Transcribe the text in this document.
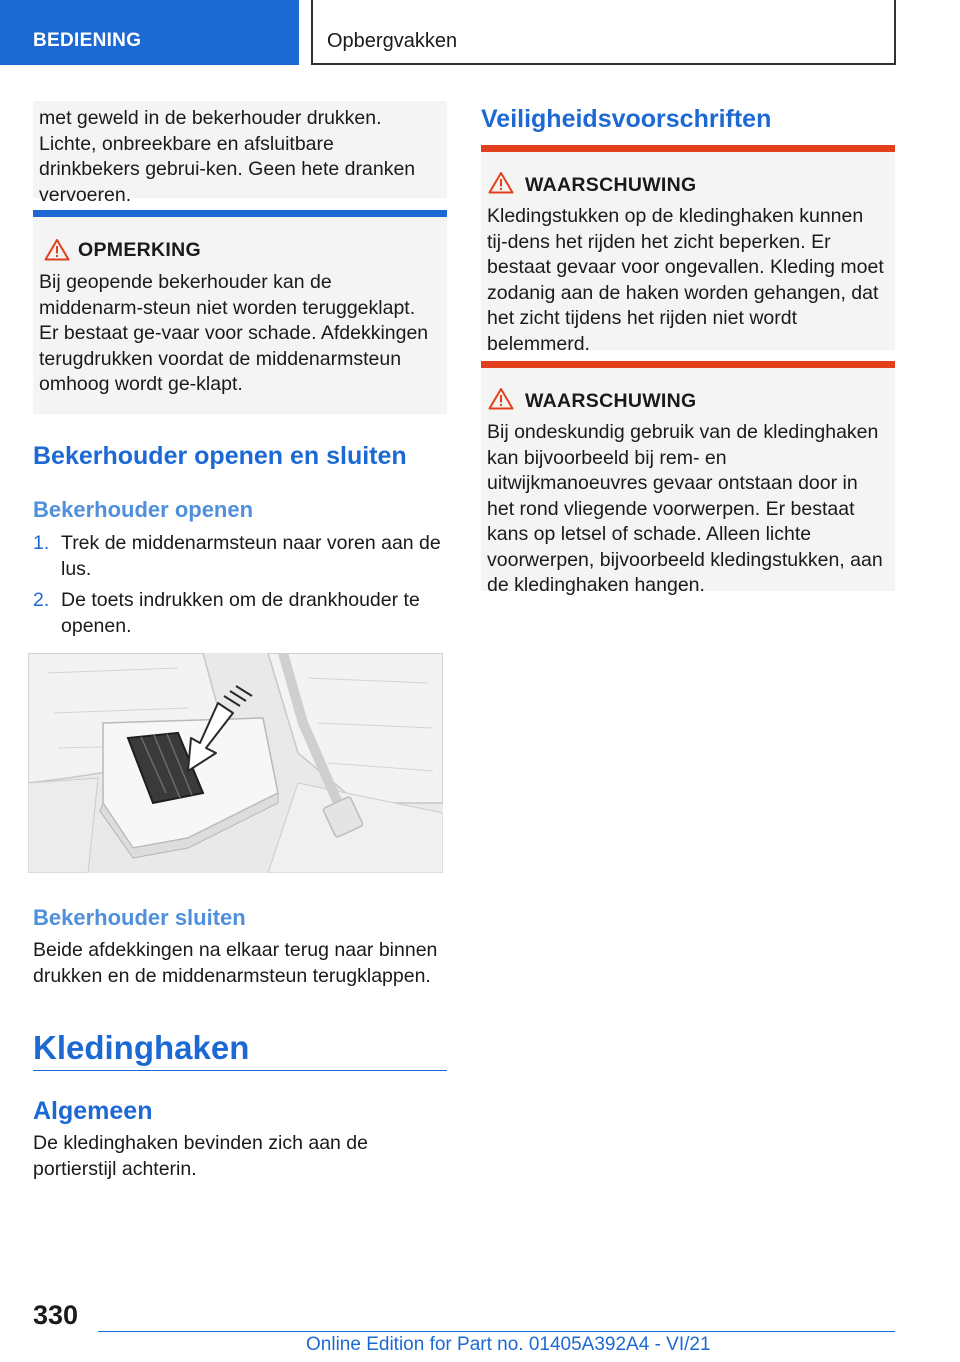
BEDIENING	Opbergvakken
met geweld in de bekerhouder drukken. Lichte, onbreekbare en afsluitbare drinkbekers gebrui-ken. Geen hete dranken vervoeren.
OPMERKING
Bij geopende bekerhouder kan de middenarm-steun niet worden teruggeklapt. Er bestaat ge-vaar voor schade. Afdekkingen terugdrukken voordat de middenarmsteun omhoog wordt ge-klapt.
Bekerhouder openen en sluiten
Bekerhouder openen
1. Trek de middenarmsteun naar voren aan de lus.
2. De toets indrukken om de drankhouder te openen.
Bekerhouder sluiten
Beide afdekkingen na elkaar terug naar binnen drukken en de middenarmsteun terugklappen.
Kledinghaken
Algemeen
De kledinghaken bevinden zich aan de portierstijl achterin.
Veiligheidsvoorschriften
WAARSCHUWING
Kledingstukken op de kledinghaken kunnen tij-dens het rijden het zicht beperken. Er bestaat gevaar voor ongevallen. Kleding moet zodanig aan de haken worden gehangen, dat het zicht tijdens het rijden niet wordt belemmerd.
WAARSCHUWING
Bij ondeskundig gebruik van de kledinghaken kan bijvoorbeeld bij rem- en uitwijkmanoeuvres gevaar ontstaan door in het rond vliegende voorwerpen. Er bestaat kans op letsel of schade. Alleen lichte voorwerpen, bijvoorbeeld kledingstukken, aan de kledinghaken hangen.
330
Online Edition for Part no. 01405A392A4 - VI/21
